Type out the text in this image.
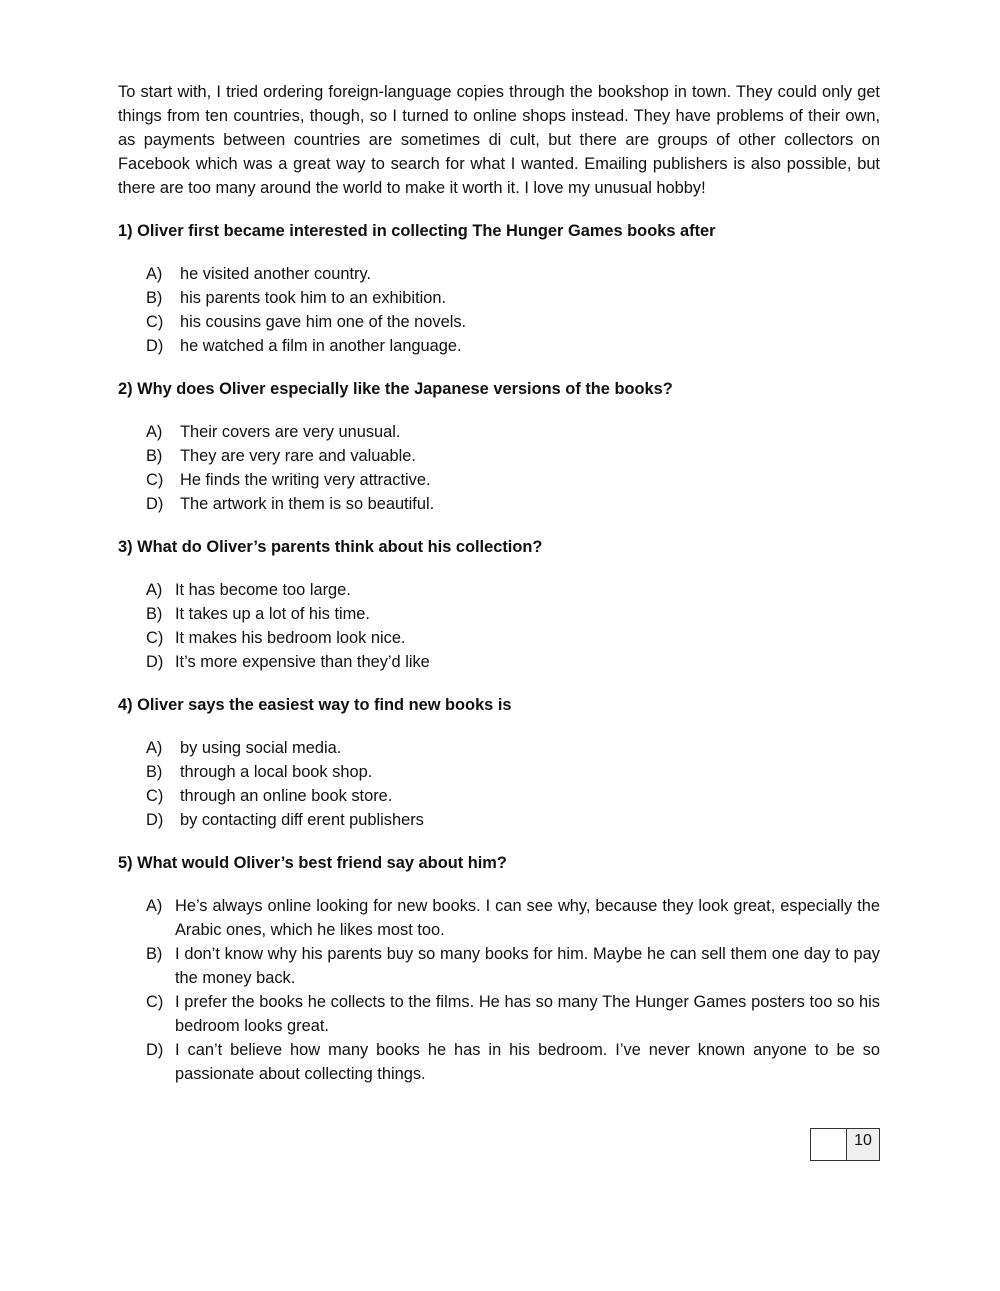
To start with, I tried ordering foreign-language copies through the bookshop in town. They could only get things from ten countries, though, so I turned to online shops instead. They have problems of their own, as payments between countries are sometimes di cult, but there are groups of other collectors on Facebook which was a great way to search for what I wanted. Emailing publishers is also possible, but there are too many around the world to make it worth it. I love my unusual hobby!

1) Oliver first became interested in collecting The Hunger Games books after
A)	he visited another country.
B)	his parents took him to an exhibition.
C)	his cousins gave him one of the novels.
D)	he watched a film in another language.
2) Why does Oliver especially like the Japanese versions of the books?
A)	Their covers are very unusual.
B)	They are very rare and valuable.
C)	He finds the writing very attractive.
D)	The artwork in them is so beautiful.
3) What do Oliver’s parents think about his collection?
A) It has become too large.
B) It takes up a lot of his time.
C) It makes his bedroom look nice.
D) It’s more expensive than they’d like
4) Oliver says the easiest way to find new books is
A)	by using social media.
B)	through a local book shop.
C)	through an online book store.
D)	by contacting diff erent publishers
5) What would Oliver’s best friend say about him?
A) He’s always online looking for new books. I can see why, because they look great, especially the Arabic ones, which he likes most too.
B) I don’t know why his parents buy so many books for him. Maybe he can sell them one day to pay the money back.
C) I prefer the books he collects to the films. He has so many The Hunger Games posters too so his bedroom looks great.
D) I can’t believe how many books he has in his bedroom. I’ve never known anyone to be so passionate about collecting things.
10
